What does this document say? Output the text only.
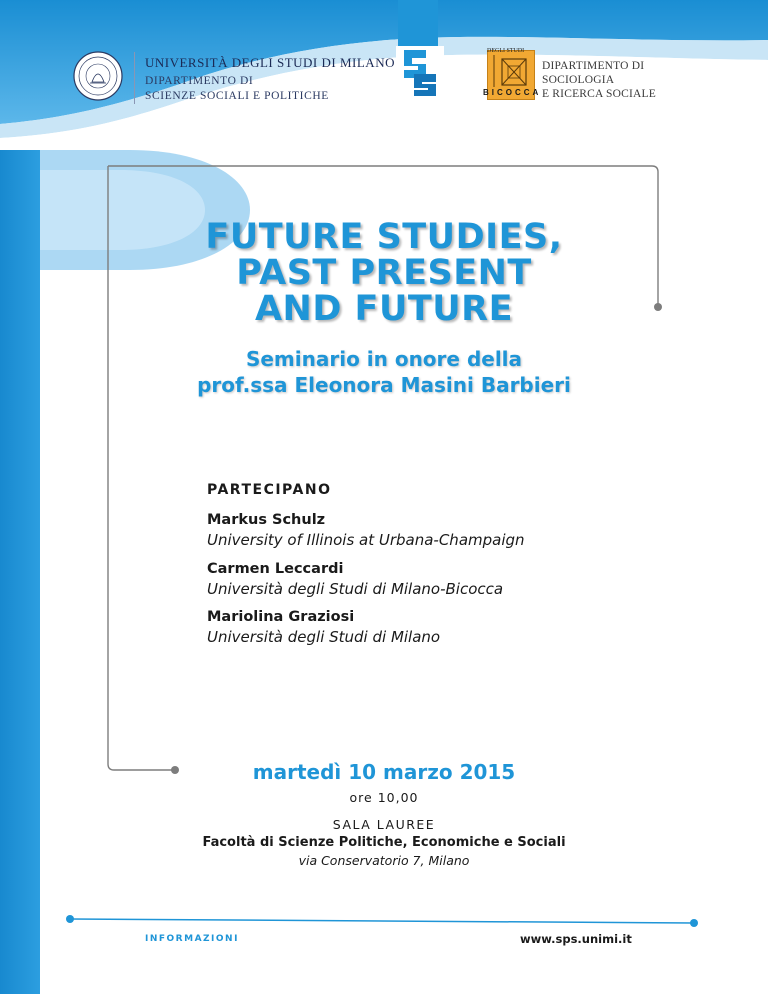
UNIVERSITÀ DEGLI STUDI DI MILANO
DIPARTIMENTO DI
SCIENZE SOCIALI E POLITICHE
DEGLI STUDI
BICOCCA
DIPARTIMENTO DI
SOCIOLOGIA
E RICERCA SOCIALE
FUTURE STUDIES,
PAST PRESENT
AND FUTURE
Seminario in onore della
prof.ssa Eleonora Masini Barbieri
PARTECIPANO
Markus Schulz
University of Illinois at Urbana-Champaign
Carmen Leccardi
Università degli Studi di Milano-Bicocca
Mariolina Graziosi
Università degli Studi di Milano
martedì 10 marzo 2015
ore 10,00
SALA LAUREE
Facoltà di Scienze Politiche, Economiche e Sociali
via Conservatorio 7, Milano
INFORMAZIONI	www.sps.unimi.it
